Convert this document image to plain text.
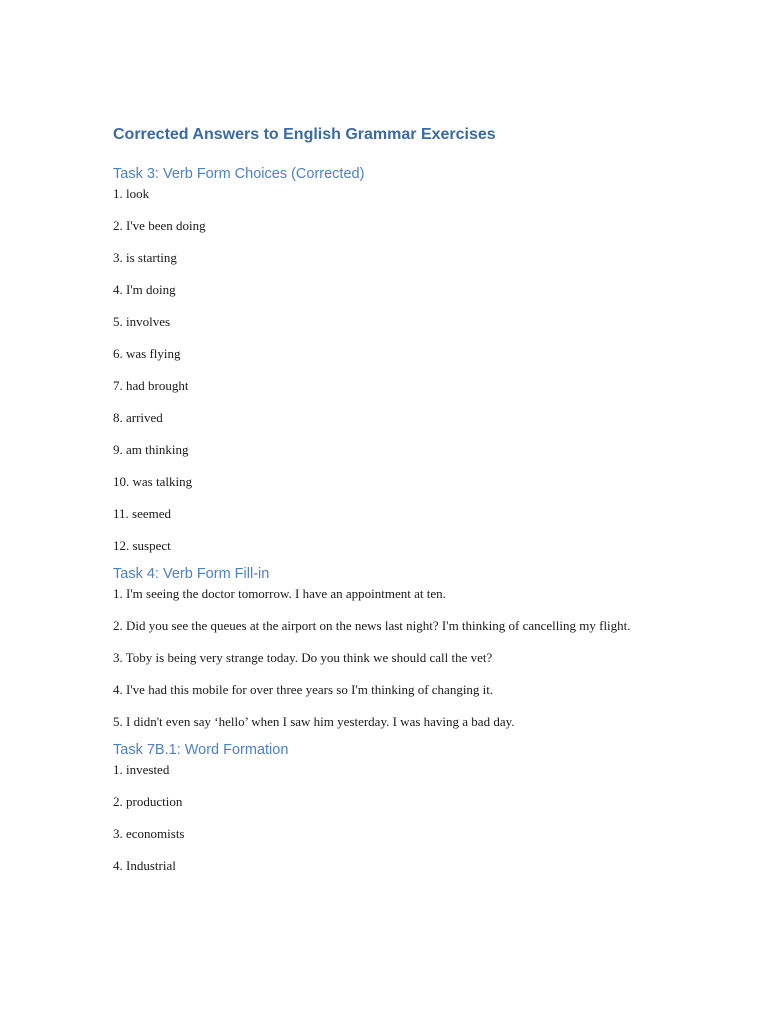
Corrected Answers to English Grammar Exercises
Task 3: Verb Form Choices (Corrected)
1. look
2. I've been doing
3. is starting
4. I'm doing
5. involves
6. was flying
7. had brought
8. arrived
9. am thinking
10. was talking
11. seemed
12. suspect
Task 4: Verb Form Fill-in
1. I'm seeing the doctor tomorrow. I have an appointment at ten.
2. Did you see the queues at the airport on the news last night? I'm thinking of cancelling my flight.
3. Toby is being very strange today. Do you think we should call the vet?
4. I've had this mobile for over three years so I'm thinking of changing it.
5. I didn't even say ‘hello’ when I saw him yesterday. I was having a bad day.
Task 7B.1: Word Formation
1. invested
2. production
3. economists
4. Industrial
